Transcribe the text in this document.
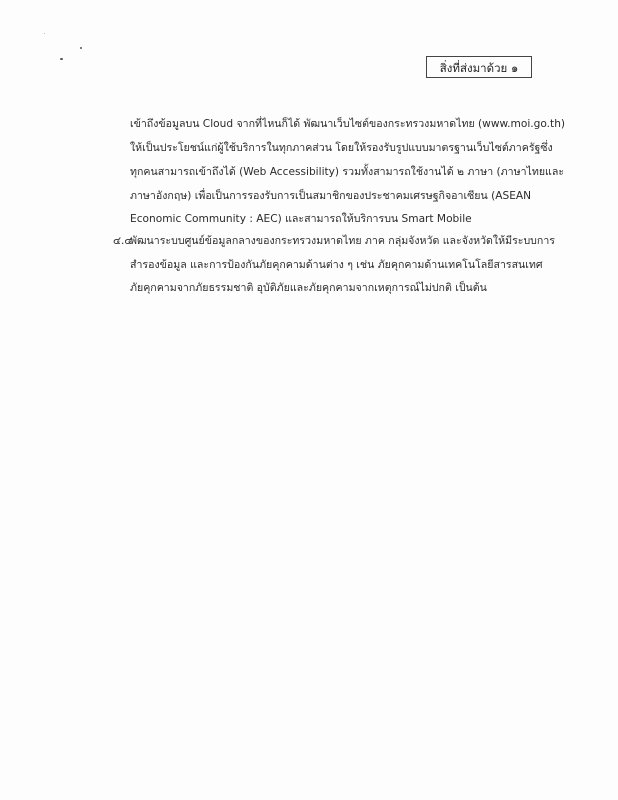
สิ่งที่ส่งมาด้วย ๑
เข้าถึงข้อมูลบน Cloud จากที่ไหนก็ได้ พัฒนาเว็บไซต์ของกระทรวงมหาดไทย (www.moi.go.th)
ให้เป็นประโยชน์แก่ผู้ใช้บริการในทุกภาคส่วน โดยให้รองรับรูปแบบมาตรฐานเว็บไซต์ภาครัฐซึ่ง
ทุกคนสามารถเข้าถึงได้ (Web Accessibility) รวมทั้งสามารถใช้งานได้ ๒ ภาษา (ภาษาไทยและ
ภาษาอังกฤษ) เพื่อเป็นการรองรับการเป็นสมาชิกของประชาคมเศรษฐกิจอาเซียน (ASEAN
Economic Community : AEC) และสามารถให้บริการบน Smart Mobile
๔.๔
พัฒนาระบบศูนย์ข้อมูลกลางของกระทรวงมหาดไทย ภาค กลุ่มจังหวัด และจังหวัดให้มีระบบการ
สำรองข้อมูล และการป้องกันภัยคุกคามด้านต่าง ๆ เช่น ภัยคุกคามด้านเทคโนโลยีสารสนเทศ
ภัยคุกคามจากภัยธรรมชาติ อุบัติภัยและภัยคุกคามจากเหตุการณ์ไม่ปกติ เป็นต้น
